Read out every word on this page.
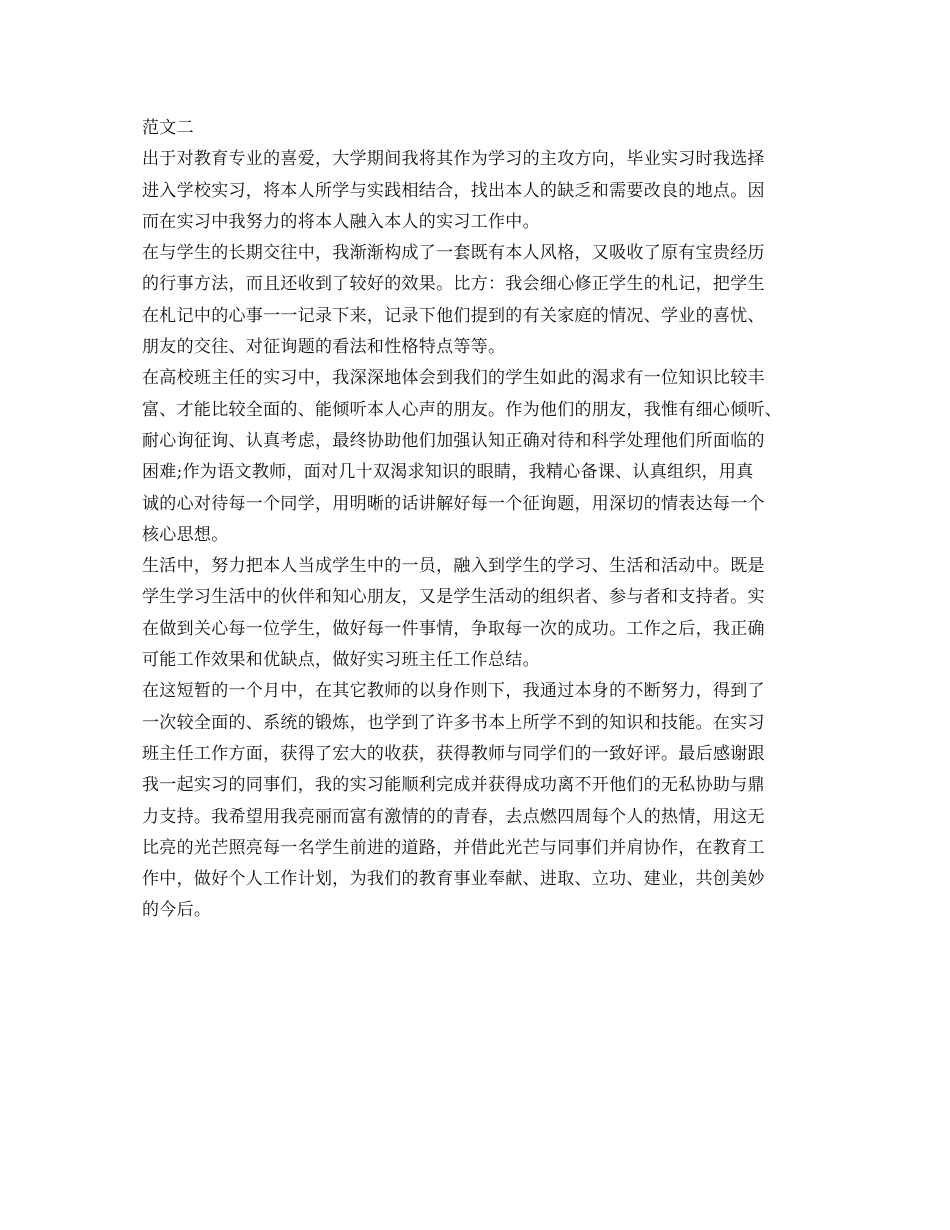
范文二

出于对教育专业的喜爱，大学期间我将其作为学习的主攻方向，毕业实习时我选择
进入学校实习，将本人所学与实践相结合，找出本人的缺乏和需要改良的地点。因
而在实习中我努力的将本人融入本人的实习工作中。

在与学生的长期交往中，我渐渐构成了一套既有本人风格，又吸收了原有宝贵经历
的行事方法，而且还收到了较好的效果。比方：我会细心修正学生的札记，把学生
在札记中的心事一一记录下来，记录下他们提到的有关家庭的情况、学业的喜忧、
朋友的交往、对征询题的看法和性格特点等等。

在高校班主任的实习中，我深深地体会到我们的学生如此的渴求有一位知识比较丰
富、才能比较全面的、能倾听本人心声的朋友。作为他们的朋友，我惟有细心倾听、
耐心询征询、认真考虑，最终协助他们加强认知正确对待和科学处理他们所面临的
困难;作为语文教师，面对几十双渴求知识的眼睛，我精心备课、认真组织，用真
诚的心对待每一个同学，用明晰的话讲解好每一个征询题，用深切的情表达每一个
核心思想。

生活中，努力把本人当成学生中的一员，融入到学生的学习、生活和活动中。既是
学生学习生活中的伙伴和知心朋友，又是学生活动的组织者、参与者和支持者。实
在做到关心每一位学生，做好每一件事情，争取每一次的成功。工作之后，我正确
可能工作效果和优缺点，做好实习班主任工作总结。

在这短暂的一个月中，在其它教师的以身作则下，我通过本身的不断努力，得到了
一次较全面的、系统的锻炼，也学到了许多书本上所学不到的知识和技能。在实习
班主任工作方面，获得了宏大的收获，获得教师与同学们的一致好评。最后感谢跟
我一起实习的同事们，我的实习能顺利完成并获得成功离不开他们的无私协助与鼎
力支持。我希望用我亮丽而富有激情的的青春，去点燃四周每个人的热情，用这无
比亮的光芒照亮每一名学生前进的道路，并借此光芒与同事们并肩协作，在教育工
作中，做好个人工作计划，为我们的教育事业奉献、进取、立功、建业，共创美妙
的今后。
